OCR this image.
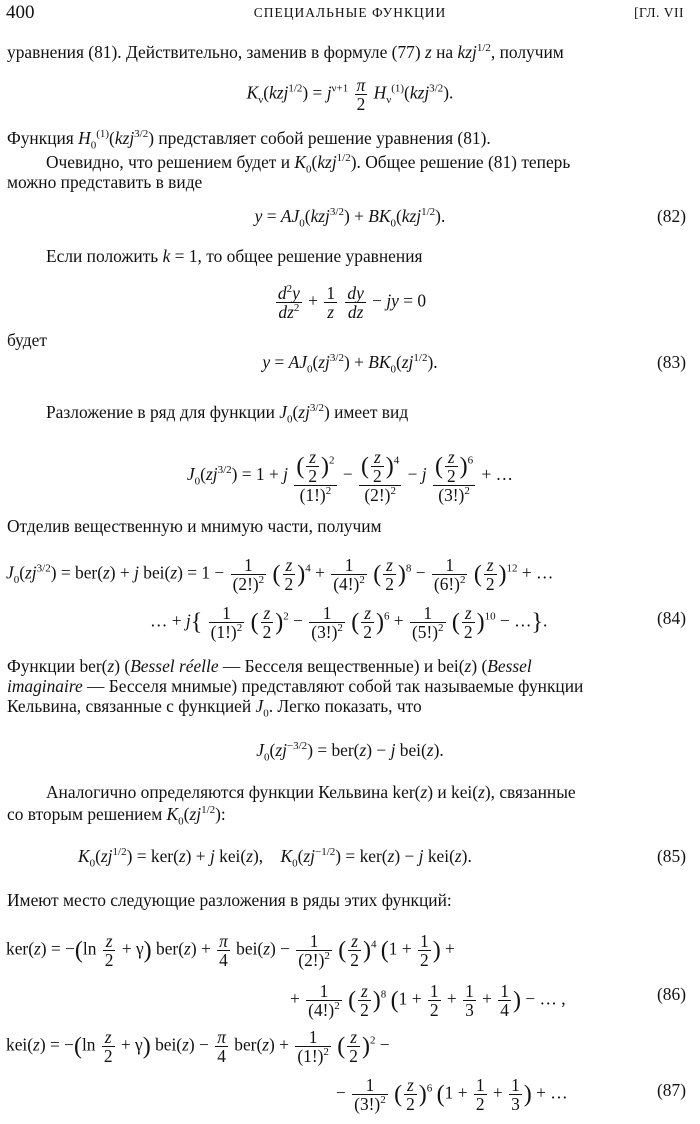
400	СПЕЦИАЛЬНЫЕ ФУНКЦИИ	[ГЛ. VII
уравнения (81). Действительно, заменив в формуле (77) z на kzj$^{1/2}$, получим
$K_\nu(kzj^{1/2}) = j^{\nu+1} \frac{\pi}{2} H_\nu^{(1)}(kzj^{3/2})$.
Функция $H_0^{(1)}(kzj^{3/2})$ представляет собой решение уравнения (81).
Очевидно, что решением будет и $K_0(kzj^{1/2})$. Общее решение (81) теперь
можно представить в виде
$y = AJ_0(kzj^{3/2}) + BK_0(kzj^{1/2})$.	(82)
Если положить k = 1, то общее решение уравнения
$\frac{d^2y}{dz^2} + \frac{1}{z}$
$\frac{dy}{dz}$ − jy = 0
будет
$y = AJ_0(zj^{3/2}) + BK_0(zj^{1/2})$.	(83)
Разложение в ряд для функции $J_0(zj^{3/2})$ имеет вид
$J_0(zj^{3/2}) = 1 + j \frac{( \frac{z}{2} )^2}{(1!)^2} - \frac{( \frac{z}{2} )^4}{(2!)^2} - j \frac{( \frac{z}{2} )^6}{(3!)^2}$ + …
Отделив вещественную и мнимую части, получим
$J_0(zj^{3/2}) = ber(z) + j$ $bei(z) = 1 - \frac{1}{(2!)^2}$ ( $\frac{z}{2} )^4 + \frac{1}{(4!)^2}$ ( $\frac{z}{2} )^8 - \frac{1}{(6!)^2}$ ( $\frac{z}{2} )^{12}$ + …
… + $j\{ \frac{1}{(1!)^2}$ ( $\frac{z}{2} )^2 - \frac{1}{(3!)^2}$ ( $\frac{z}{2} )^6 + \frac{1}{(5!)^2}$ ( $\frac{z}{2} )^{10}$ − …}.	(84)
Функции ber(z) (Bessel réelle — Бесселя вещественные) и bei(z) (Bessel
imaginaire — Бесселя мнимые) представляют собой так называемые функции
Кельвина, связанные с функцией $J_0$. Легко показать, что
$J_0(zj^{-3/2}) = ber(z) - j$ bei(z).
Аналогично определяются функции Кельвина ker(z) и kei(z), связанные
со вторым решением $K_0(zj^{1/2})$:
$K_0(zj^{1/2}) = ker(z) + j$ kei(z),    $K_0(zj^{-1/2}) = ker(z) - j$ kei(z).	(85)
Имеют место следующие разложения в ряды этих функций:
$ker(z) = -(\ln \frac{z}{2} + \gamma)$ $ber(z) + \frac{\pi}{4} bei(z) - \frac{1}{(2!)^2}$ ( $\frac{z}{2} )^4$ ($1 + \frac{1}{2}$ ) +
+ $\frac{1}{(4!)^2}$ ( $\frac{z}{2} )^8$ ($1 + \frac{1}{2} + \frac{1}{3} + \frac{1}{4}$ ) − … ,	(86)
$kei(z) = -(\ln \frac{z}{2} + \gamma)$ $bei(z) - \frac{\pi}{4} ber(z) + \frac{1}{(1!)^2}$ ( $\frac{z}{2} )^2$ −
− $\frac{1}{(3!)^2}$ ( $\frac{z}{2} )^6$ ($1 + \frac{1}{2} + \frac{1}{3}$ ) + …	(87)
